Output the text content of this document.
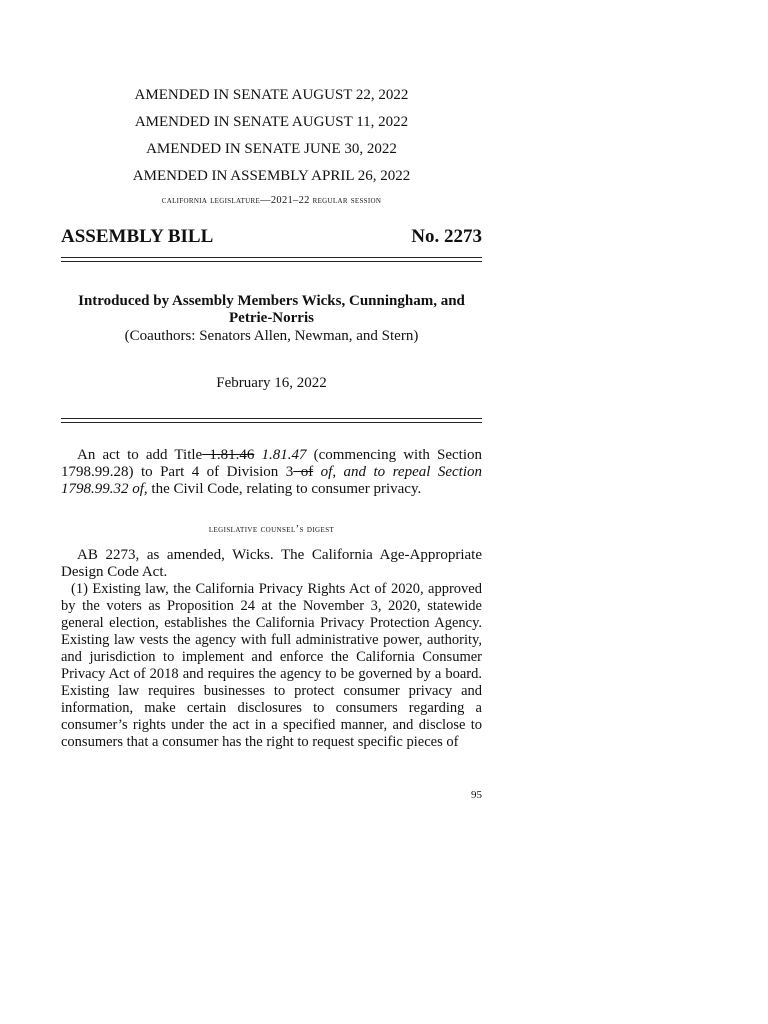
AMENDED IN SENATE AUGUST 22, 2022
AMENDED IN SENATE AUGUST 11, 2022
AMENDED IN SENATE JUNE 30, 2022
AMENDED IN ASSEMBLY APRIL 26, 2022
california legislature—2021–22 regular session
ASSEMBLY BILL	No. 2273
Introduced by Assembly Members Wicks, Cunningham, and Petrie-Norris
(Coauthors: Senators Allen, Newman, and Stern)
February 16, 2022
An act to add Title 1.81.46 1.81.47 (commencing with Section 1798.99.28) to Part 4 of Division 3 of of, and to repeal Section 1798.99.32 of, the Civil Code, relating to consumer privacy.
legislative counsel’s digest
AB 2273, as amended, Wicks. The California Age-Appropriate Design Code Act.
(1) Existing law, the California Privacy Rights Act of 2020, approved by the voters as Proposition 24 at the November 3, 2020, statewide general election, establishes the California Privacy Protection Agency. Existing law vests the agency with full administrative power, authority, and jurisdiction to implement and enforce the California Consumer Privacy Act of 2018 and requires the agency to be governed by a board. Existing law requires businesses to protect consumer privacy and information, make certain disclosures to consumers regarding a consumer’s rights under the act in a specified manner, and disclose to consumers that a consumer has the right to request specific pieces of
95
